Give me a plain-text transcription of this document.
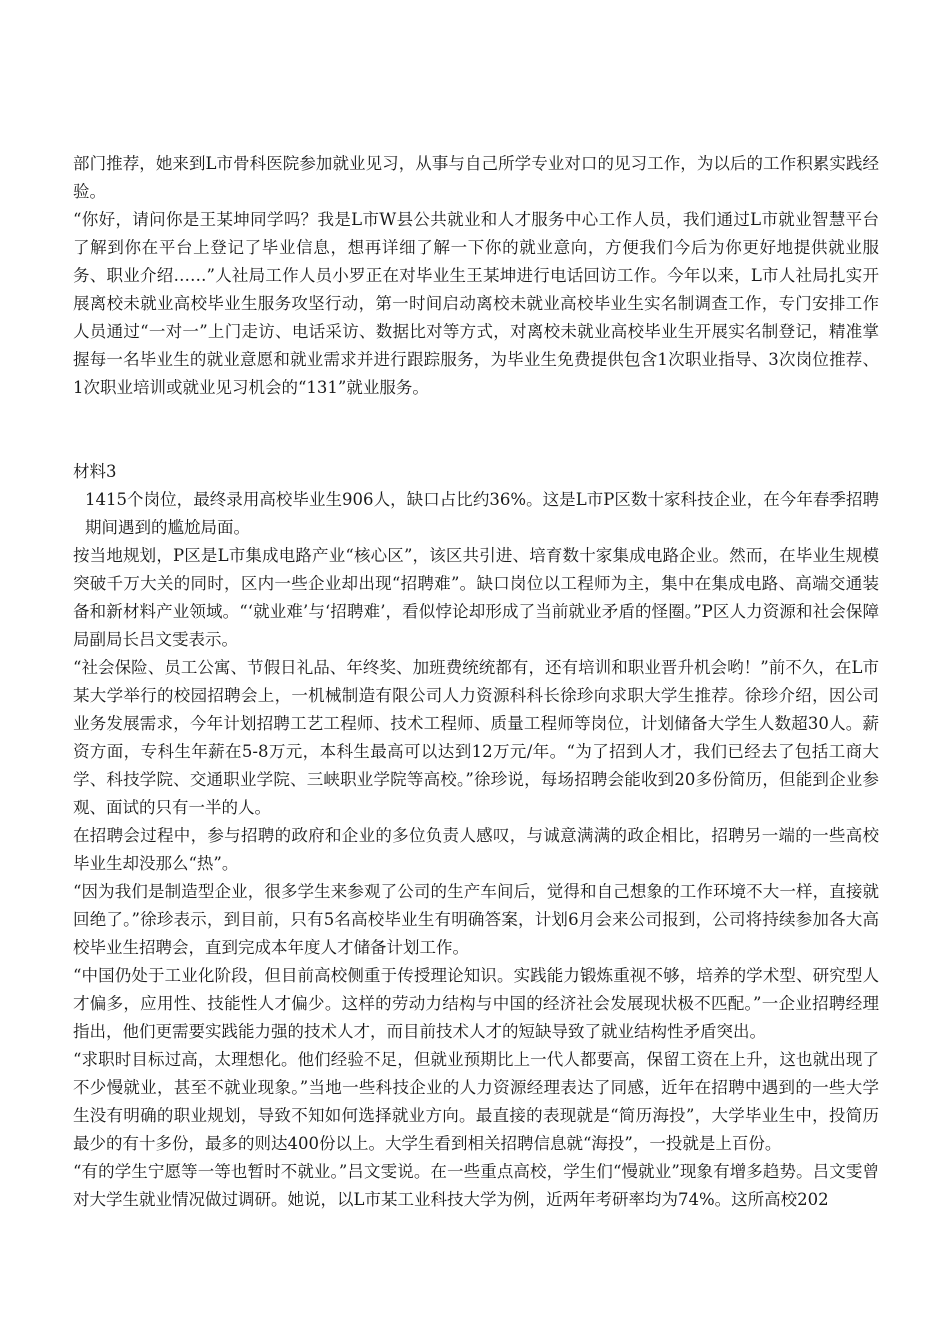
部门推荐，她来到L市骨科医院参加就业见习，从事与自己所学专业对口的见习工作，为以后的工作积累实践经验。

“你好，请问你是王某坤同学吗？我是L市W县公共就业和人才服务中心工作人员，我们通过L市就业智慧平台了解到你在平台上登记了毕业信息，想再详细了解一下你的就业意向，方便我们今后为你更好地提供就业服务、职业介绍……”人社局工作人员小罗正在对毕业生王某坤进行电话回访工作。今年以来，L市人社局扎实开展离校未就业高校毕业生服务攻坚行动，第一时间启动离校未就业高校毕业生实名制调查工作，专门安排工作人员通过“一对一”上门走访、电话采访、数据比对等方式，对离校未就业高校毕业生开展实名制登记，精准掌握每一名毕业生的就业意愿和就业需求并进行跟踪服务，为毕业生免费提供包含1次职业指导、3次岗位推荐、1次职业培训或就业见习机会的“131”就业服务。

材料3

1415个岗位，最终录用高校毕业生906人，缺口占比约36%。这是L市P区数十家科技企业，在今年春季招聘期间遇到的尴尬局面。

按当地规划，P区是L市集成电路产业“核心区”，该区共引进、培育数十家集成电路企业。然而，在毕业生规模突破千万大关的同时，区内一些企业却出现“招聘难”。缺口岗位以工程师为主，集中在集成电路、高端交通装备和新材料产业领域。“‘就业难’与‘招聘难’，看似悖论却形成了当前就业矛盾的怪圈。”P区人力资源和社会保障局副局长吕文雯表示。

“社会保险、员工公寓、节假日礼品、年终奖、加班费统统都有，还有培训和职业晋升机会哟！”前不久，在L市某大学举行的校园招聘会上，一机械制造有限公司人力资源科科长徐珍向求职大学生推荐。徐珍介绍，因公司业务发展需求，今年计划招聘工艺工程师、技术工程师、质量工程师等岗位，计划储备大学生人数超30人。薪资方面，专科生年薪在5-8万元，本科生最高可以达到12万元/年。“为了招到人才，我们已经去了包括工商大学、科技学院、交通职业学院、三峡职业学院等高校。”徐珍说，每场招聘会能收到20多份简历，但能到企业参观、面试的只有一半的人。

在招聘会过程中，参与招聘的政府和企业的多位负责人感叹，与诚意满满的政企相比，招聘另一端的一些高校毕业生却没那么“热”。

“因为我们是制造型企业，很多学生来参观了公司的生产车间后，觉得和自己想象的工作环境不大一样，直接就回绝了。”徐珍表示，到目前，只有5名高校毕业生有明确答案，计划6月会来公司报到，公司将持续参加各大高校毕业生招聘会，直到完成本年度人才储备计划工作。

“中国仍处于工业化阶段，但目前高校侧重于传授理论知识。实践能力锻炼重视不够，培养的学术型、研究型人才偏多，应用性、技能性人才偏少。这样的劳动力结构与中国的经济社会发展现状极不匹配。”一企业招聘经理指出，他们更需要实践能力强的技术人才，而目前技术人才的短缺导致了就业结构性矛盾突出。

“求职时目标过高，太理想化。他们经验不足，但就业预期比上一代人都要高，保留工资在上升，这也就出现了不少慢就业，甚至不就业现象。”当地一些科技企业的人力资源经理表达了同感，近年在招聘中遇到的一些大学生没有明确的职业规划，导致不知如何选择就业方向。最直接的表现就是“简历海投”，大学毕业生中，投简历最少的有十多份，最多的则达400份以上。大学生看到相关招聘信息就“海投”，一投就是上百份。

“有的学生宁愿等一等也暂时不就业。”吕文雯说。在一些重点高校，学生们“慢就业”现象有增多趋势。吕文雯曾对大学生就业情况做过调研。她说，以L市某工业科技大学为例，近两年考研率均为74%。这所高校202
